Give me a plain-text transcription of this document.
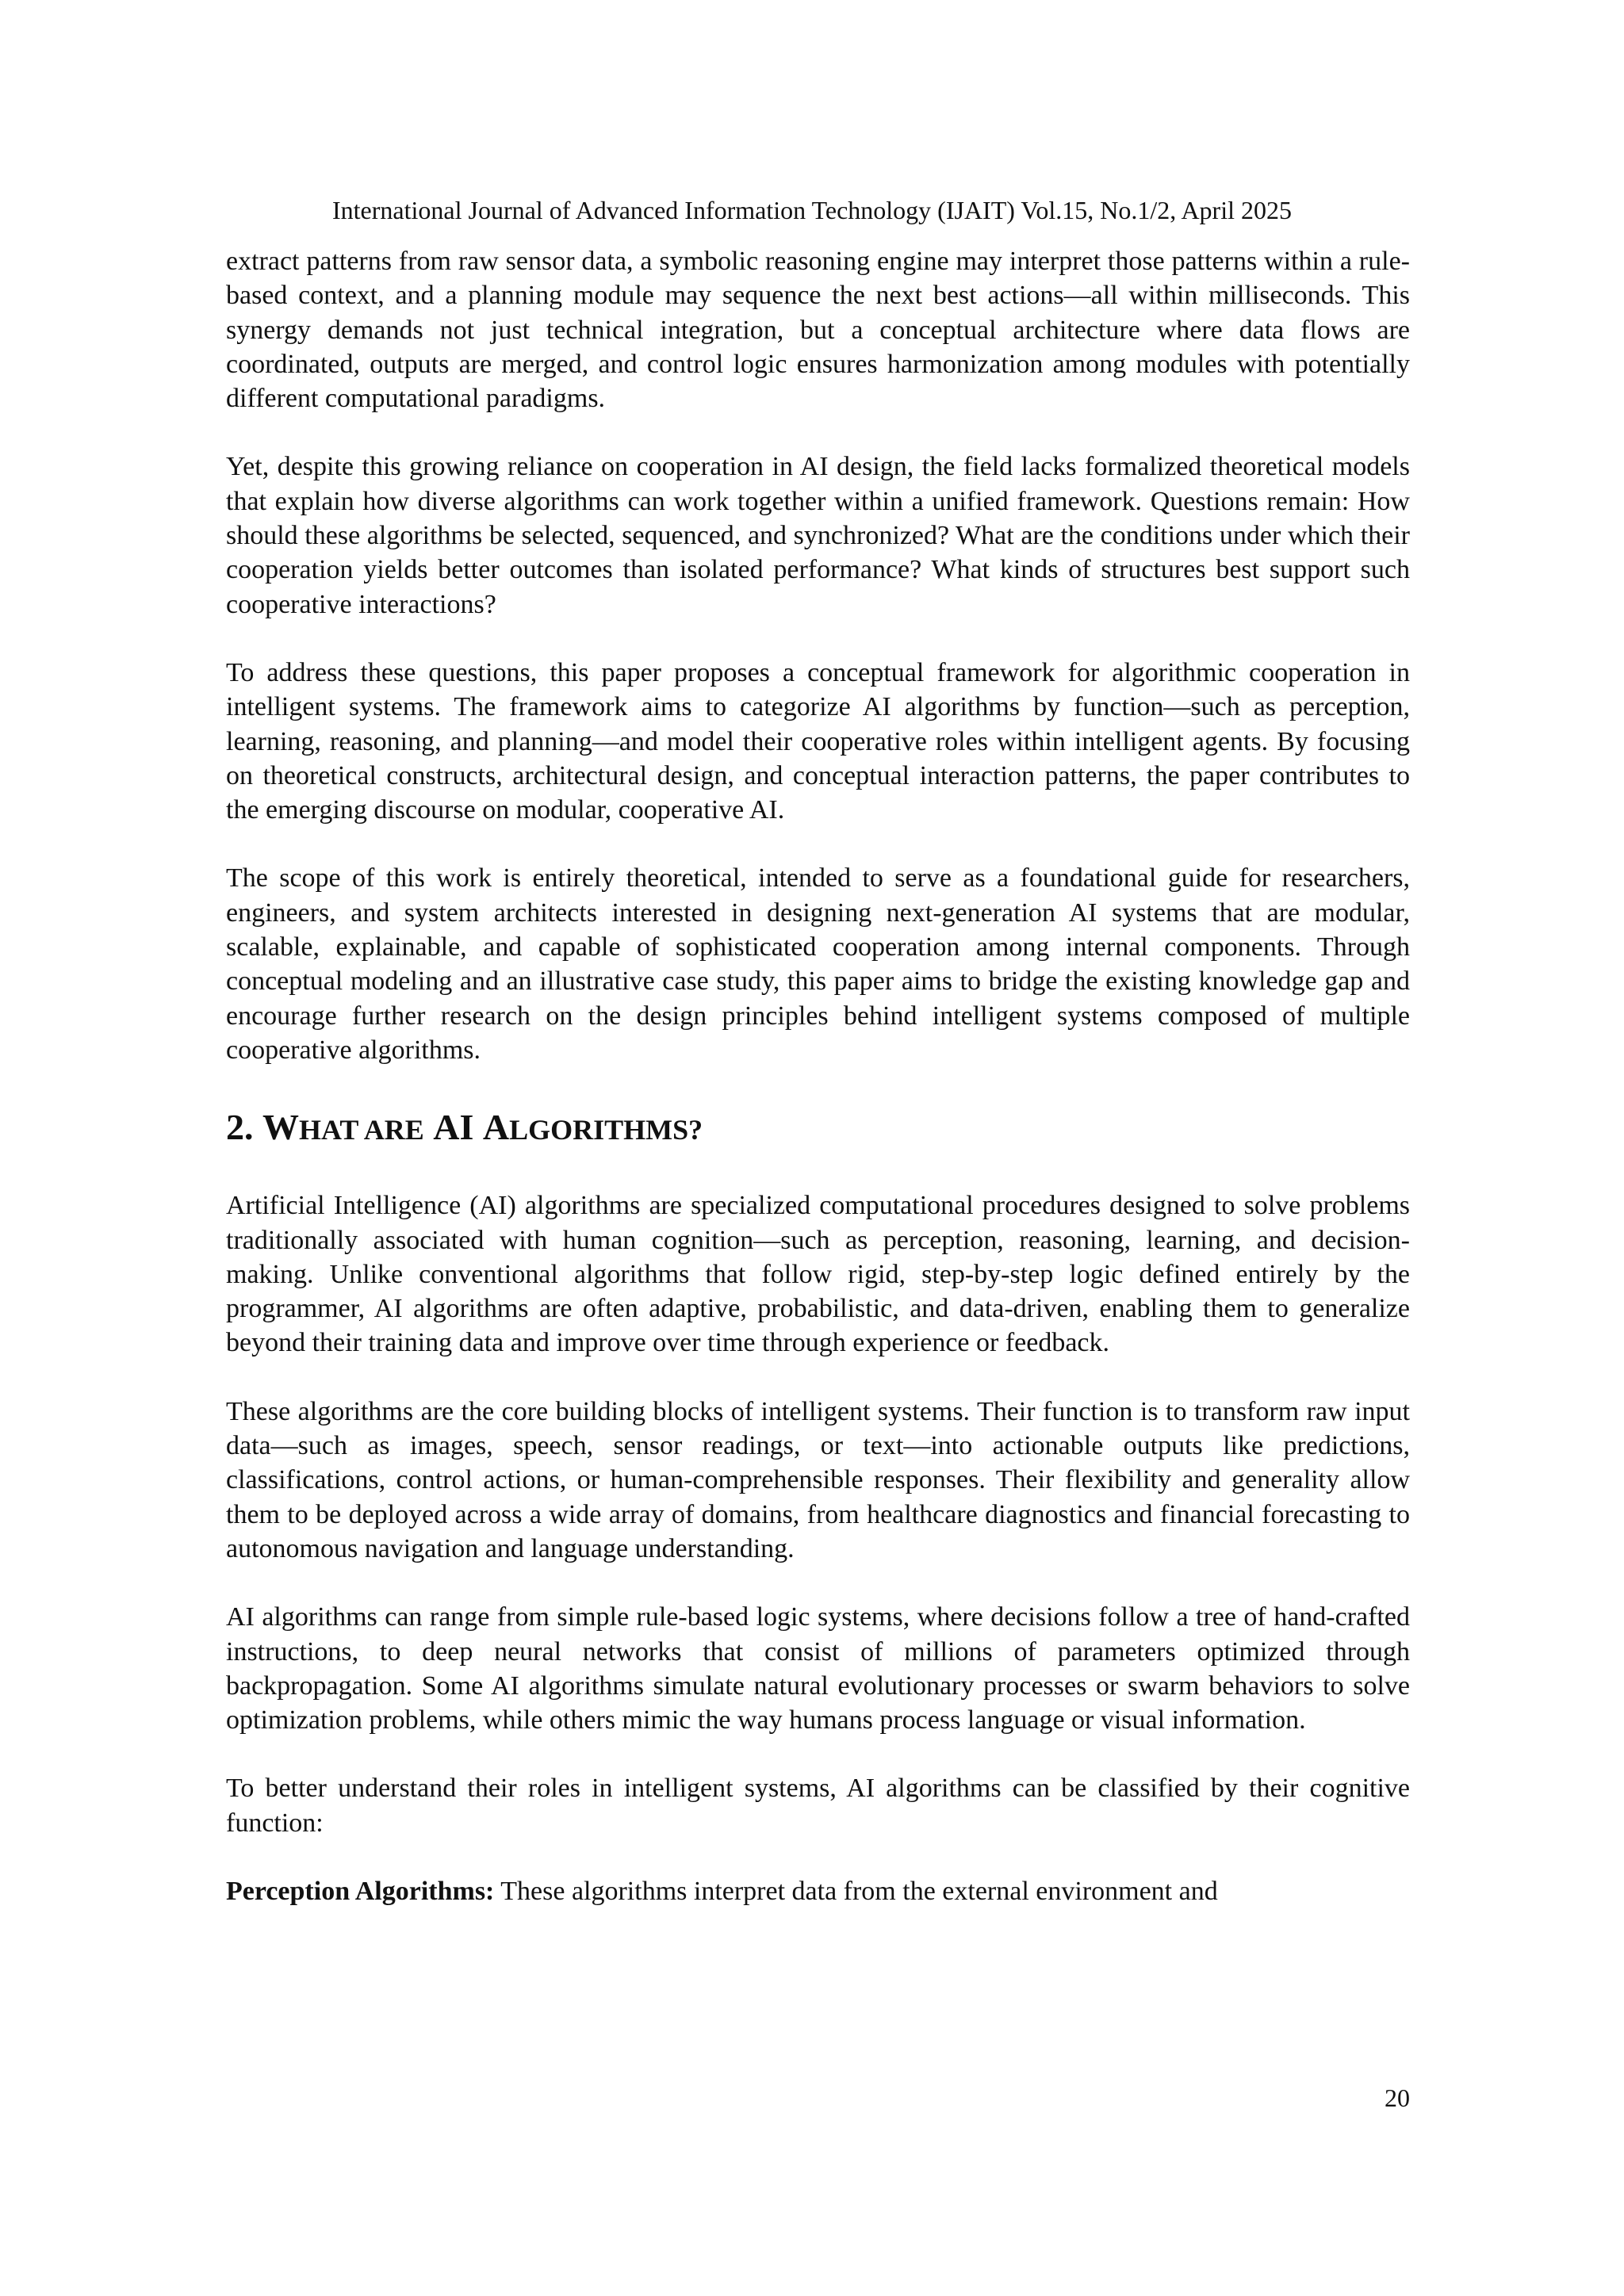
International Journal of Advanced Information Technology (IJAIT) Vol.15, No.1/2, April 2025

extract patterns from raw sensor data, a symbolic reasoning engine may interpret those patterns within a rule-based context, and a planning module may sequence the next best actions—all within milliseconds. This synergy demands not just technical integration, but a conceptual architecture where data flows are coordinated, outputs are merged, and control logic ensures harmonization among modules with potentially different computational paradigms.

Yet, despite this growing reliance on cooperation in AI design, the field lacks formalized theoretical models that explain how diverse algorithms can work together within a unified framework. Questions remain: How should these algorithms be selected, sequenced, and synchronized? What are the conditions under which their cooperation yields better outcomes than isolated performance? What kinds of structures best support such cooperative interactions?

To address these questions, this paper proposes a conceptual framework for algorithmic cooperation in intelligent systems. The framework aims to categorize AI algorithms by function—such as perception, learning, reasoning, and planning—and model their cooperative roles within intelligent agents. By focusing on theoretical constructs, architectural design, and conceptual interaction patterns, the paper contributes to the emerging discourse on modular, cooperative AI.

The scope of this work is entirely theoretical, intended to serve as a foundational guide for researchers, engineers, and system architects interested in designing next-generation AI systems that are modular, scalable, explainable, and capable of sophisticated cooperation among internal components. Through conceptual modeling and an illustrative case study, this paper aims to bridge the existing knowledge gap and encourage further research on the design principles behind intelligent systems composed of multiple cooperative algorithms.

2. WHAT ARE AI ALGORITHMS?

Artificial Intelligence (AI) algorithms are specialized computational procedures designed to solve problems traditionally associated with human cognition—such as perception, reasoning, learning, and decision-making. Unlike conventional algorithms that follow rigid, step-by-step logic defined entirely by the programmer, AI algorithms are often adaptive, probabilistic, and data-driven, enabling them to generalize beyond their training data and improve over time through experience or feedback.

These algorithms are the core building blocks of intelligent systems. Their function is to transform raw input data—such as images, speech, sensor readings, or text—into actionable outputs like predictions, classifications, control actions, or human-comprehensible responses. Their flexibility and generality allow them to be deployed across a wide array of domains, from healthcare diagnostics and financial forecasting to autonomous navigation and language understanding.

AI algorithms can range from simple rule-based logic systems, where decisions follow a tree of hand-crafted instructions, to deep neural networks that consist of millions of parameters optimized through backpropagation. Some AI algorithms simulate natural evolutionary processes or swarm behaviors to solve optimization problems, while others mimic the way humans process language or visual information.

To better understand their roles in intelligent systems, AI algorithms can be classified by their cognitive function:

Perception Algorithms: These algorithms interpret data from the external environment and

20
